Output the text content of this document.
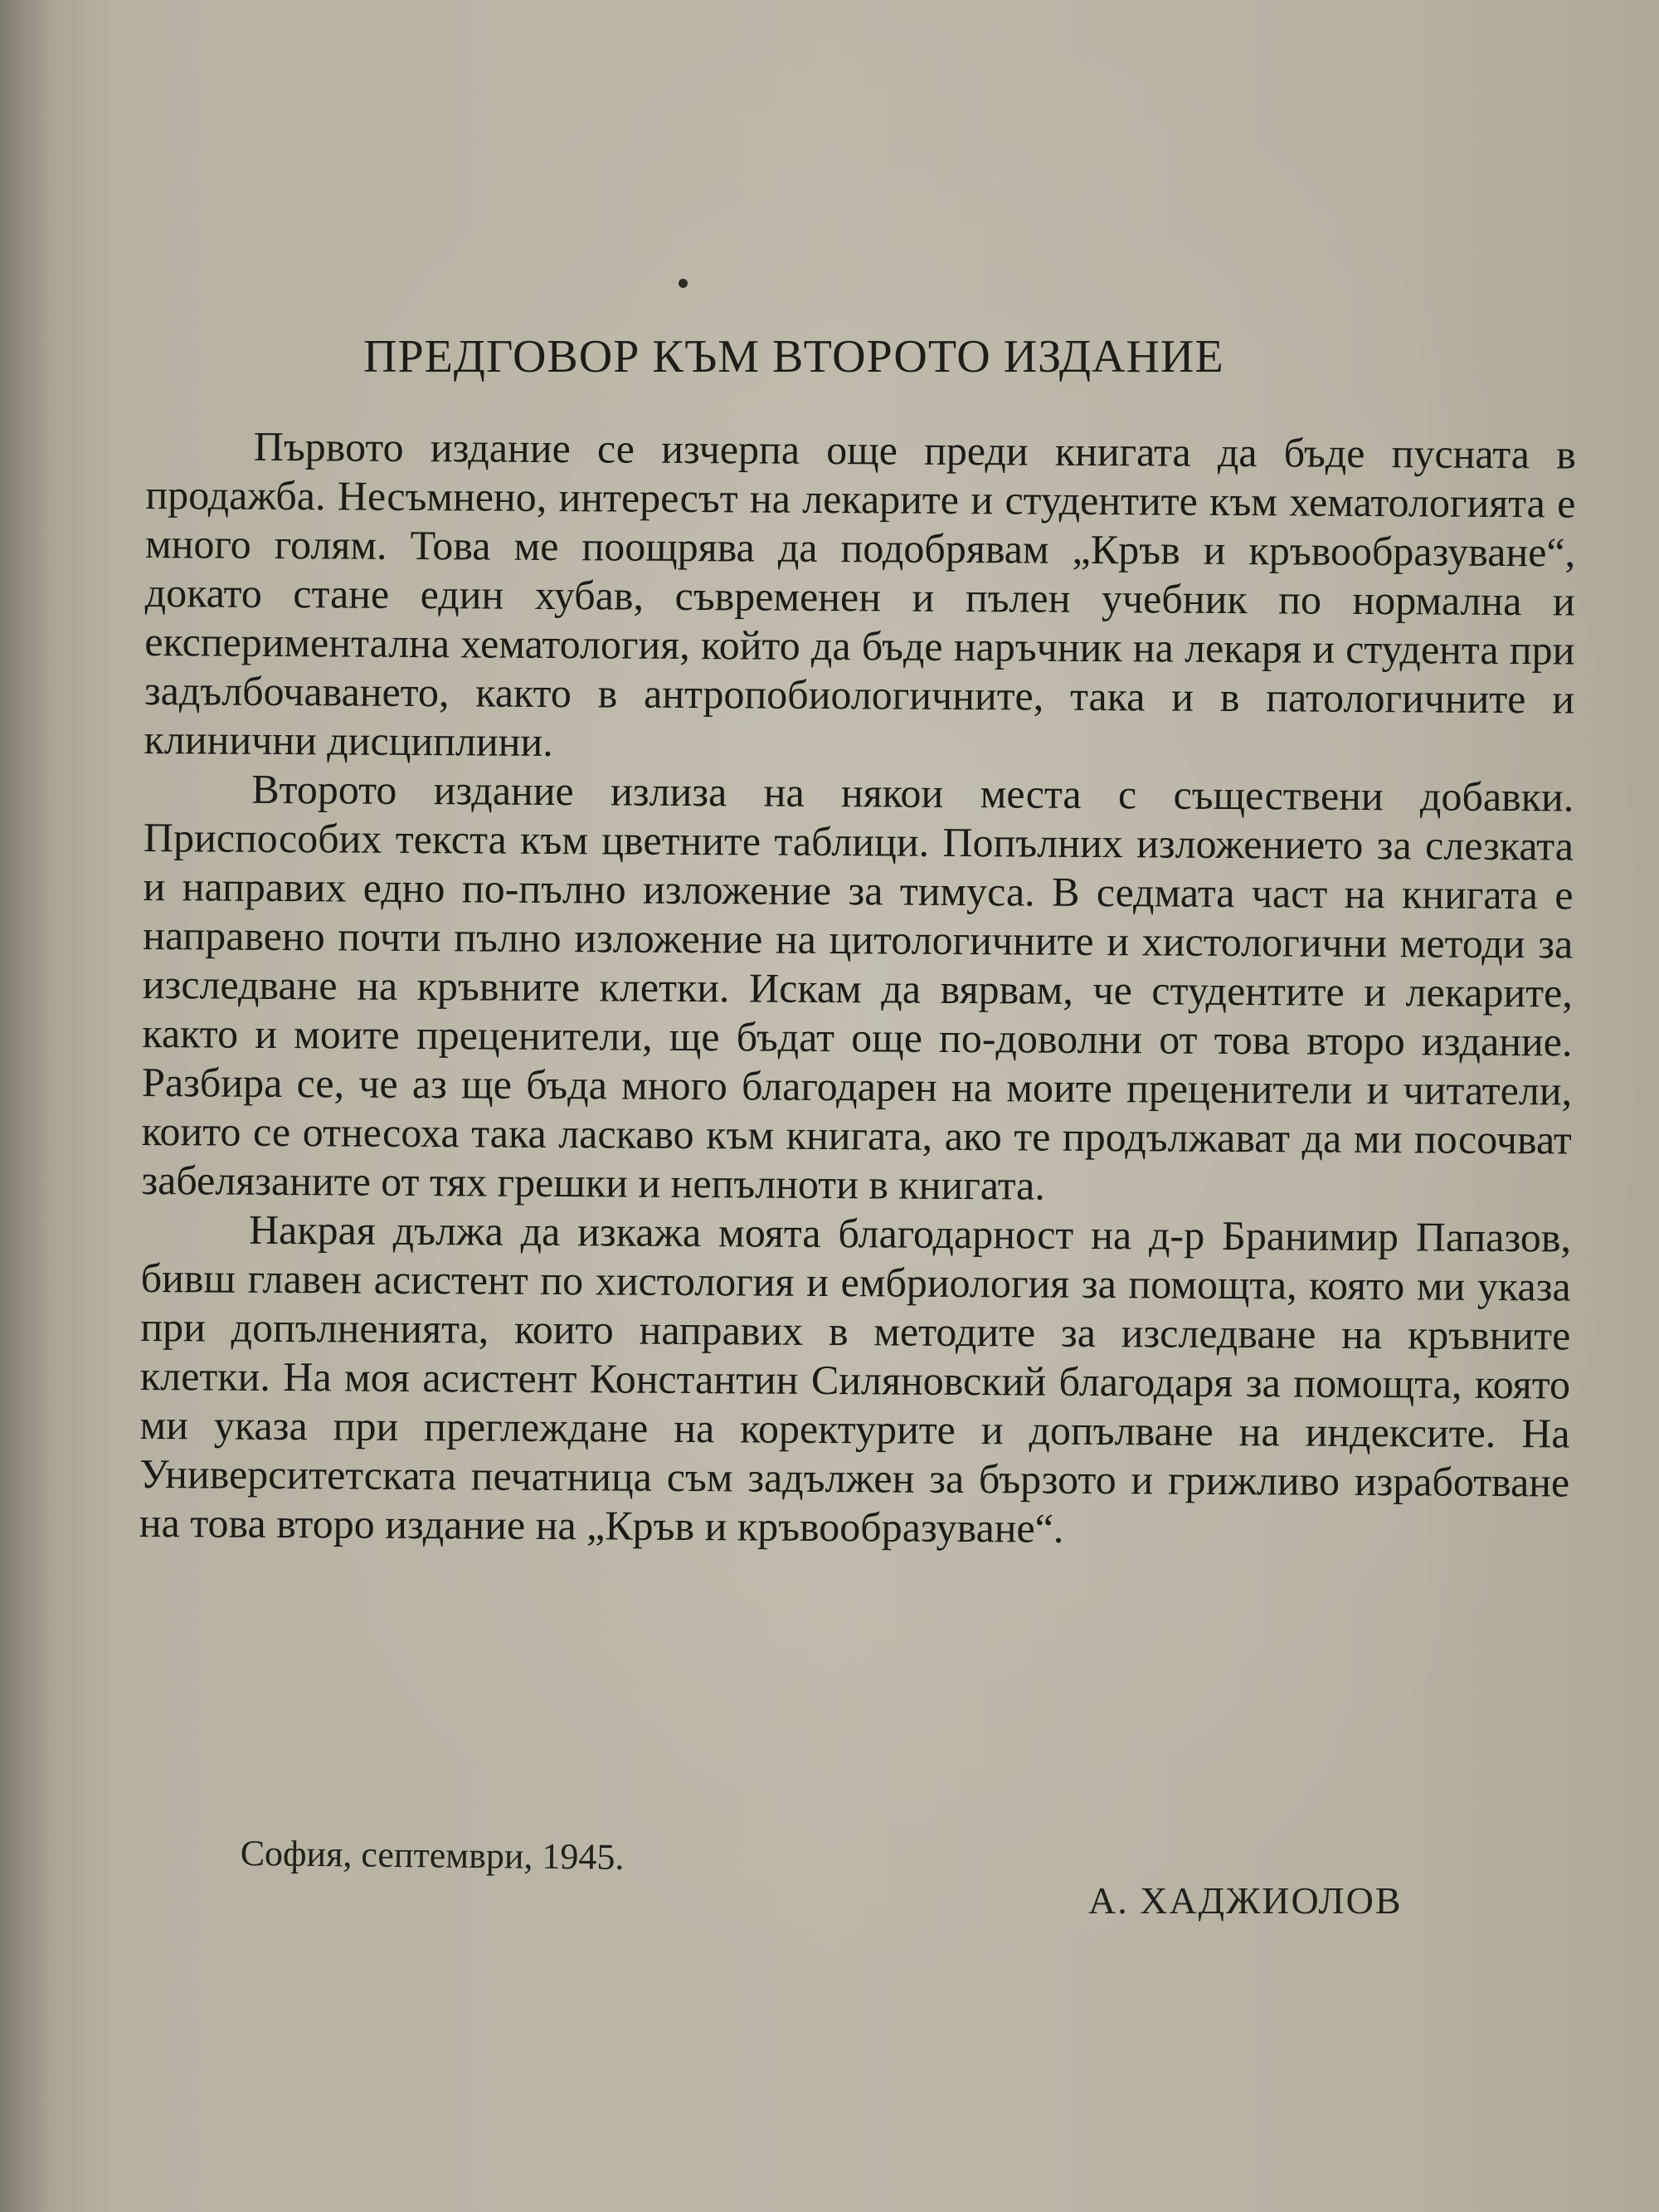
ПРЕДГОВОР КЪМ ВТОРОТО ИЗДАНИЕ

Първото издание се изчерпа още преди книгата да бъде пусната в продажба. Несъмнено, интересът на лекарите и студентите към хематологията е много голям. Това ме поощрява да подобрявам „Кръв и кръвообразуване“, докато стане един хубав, съвременен и пълен учебник по нормална и експериментална хематология, който да бъде наръчник на лекаря и студента при задълбочаването, както в антропобиологичните, така и в патологичните и клинични дисциплини.

Второто издание излиза на някои места с съществени добавки. Приспособих текста към цветните таблици. Попълних изложението за слезката и направих едно по-пълно изложение за тимуса. В седмата част на книгата е направено почти пълно изложение на цитологичните и хистологични методи за изследване на кръвните клетки. Искам да вярвам, че студентите и лекарите, както и моите преценители, ще бъдат още по-доволни от това второ издание. Разбира се, че аз ще бъда много благодарен на моите преценители и читатели, които се отнесоха така ласкаво към книгата, ако те продължават да ми посочват забелязаните от тях грешки и непълноти в книгата.

Накрая дължа да изкажа моята благодарност на д-р Бранимир Папазов, бивш главен асистент по хистология и ембриология за помощта, която ми указа при допълненията, които направих в методите за изследване на кръвните клетки. На моя асистент Константин Силяновский благодаря за помощта, която ми указа при преглеждане на коректурите и допълване на индексите. На Университетската печатница съм задължен за бързото и грижливо изработване на това второ издание на „Кръв и кръвообразуване“.

София, септември, 1945.
А. ХАДЖИОЛОВ
